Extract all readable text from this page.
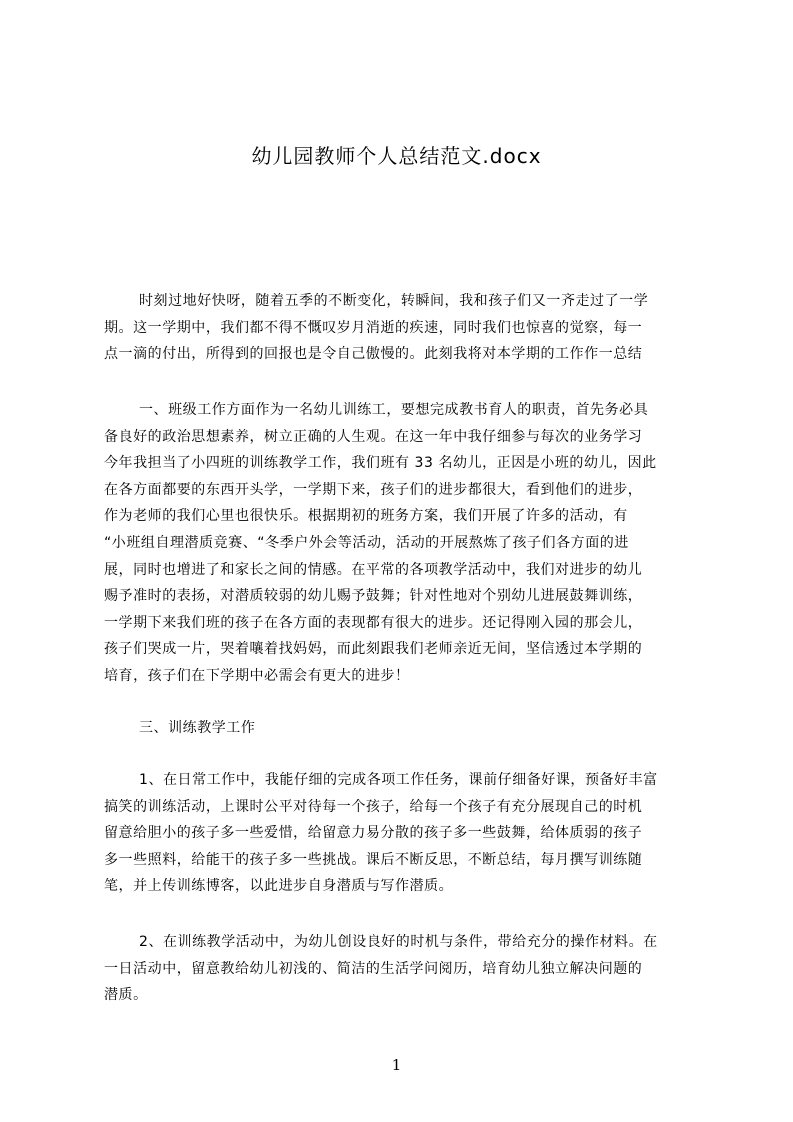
幼儿园教师个人总结范文.docx
时刻过地好快呀，随着五季的不断变化，转瞬间，我和孩子们又一齐走过了一学
期。这一学期中，我们都不得不慨叹岁月消逝的疾速，同时我们也惊喜的觉察，每一
点一滴的付出，所得到的回报也是令自己傲慢的。此刻我将对本学期的工作作一总结
一、班级工作方面作为一名幼儿训练工，要想完成教书育人的职责，首先务必具
备良好的政治思想素养，树立正确的人生观。在这一年中我仔细参与每次的业务学习
今年我担当了小四班的训练教学工作，我们班有 33 名幼儿，正因是小班的幼儿，因此
在各方面都要的东西开头学，一学期下来，孩子们的进步都很大，看到他们的进步，
作为老师的我们心里也很快乐。根据期初的班务方案，我们开展了许多的活动，有
“小班组自理潜质竞赛、“冬季户外会等活动，活动的开展熬炼了孩子们各方面的进
展，同时也增进了和家长之间的情感。在平常的各项教学活动中，我们对进步的幼儿
赐予准时的表扬，对潜质较弱的幼儿赐予鼓舞；针对性地对个别幼儿进展鼓舞训练，
一学期下来我们班的孩子在各方面的表现都有很大的进步。还记得刚入园的那会儿，
孩子们哭成一片，哭着嚷着找妈妈，而此刻跟我们老师亲近无间，坚信透过本学期的
培育，孩子们在下学期中必需会有更大的进步！
三、训练教学工作
1、在日常工作中，我能仔细的完成各项工作任务，课前仔细备好课，预备好丰富
搞笑的训练活动，上课时公平对待每一个孩子，给每一个孩子有充分展现自己的时机
留意给胆小的孩子多一些爱惜，给留意力易分散的孩子多一些鼓舞，给体质弱的孩子
多一些照料，给能干的孩子多一些挑战。课后不断反思，不断总结，每月撰写训练随
笔，并上传训练博客，以此进步自身潜质与写作潜质。
2、在训练教学活动中，为幼儿创设良好的时机与条件，带给充分的操作材料。在
一日活动中，留意教给幼儿初浅的、简洁的生活学问阅历，培育幼儿独立解决问题的
潜质。
1
